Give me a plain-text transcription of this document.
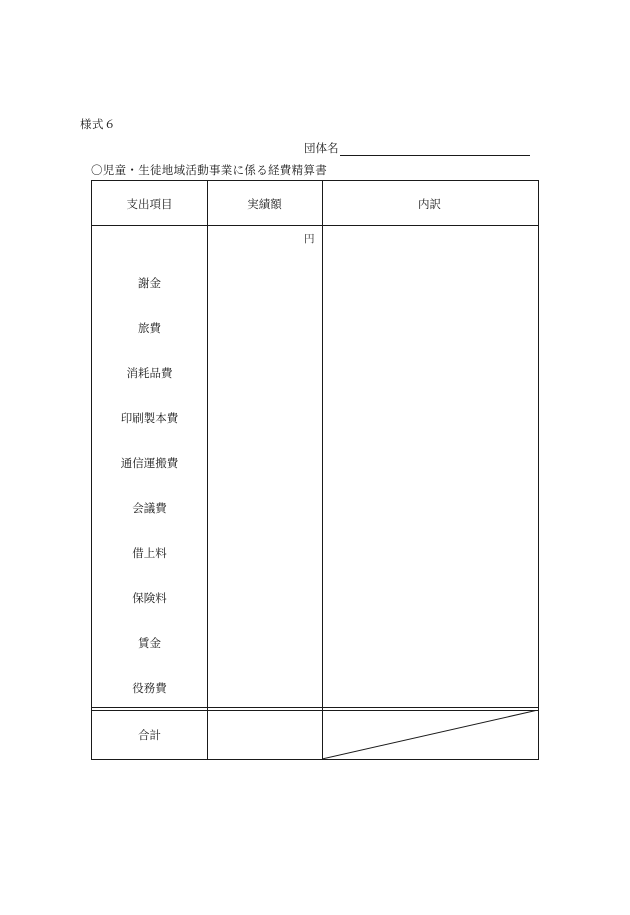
様式６
団体名
〇児童・生徒地域活動事業に係る経費精算書
支出項目	実績額	内訳
円
謝金
旅費
消耗品費
印刷製本費
通信運搬費
会議費
借上料
保険料
賃金
役務費
合計
